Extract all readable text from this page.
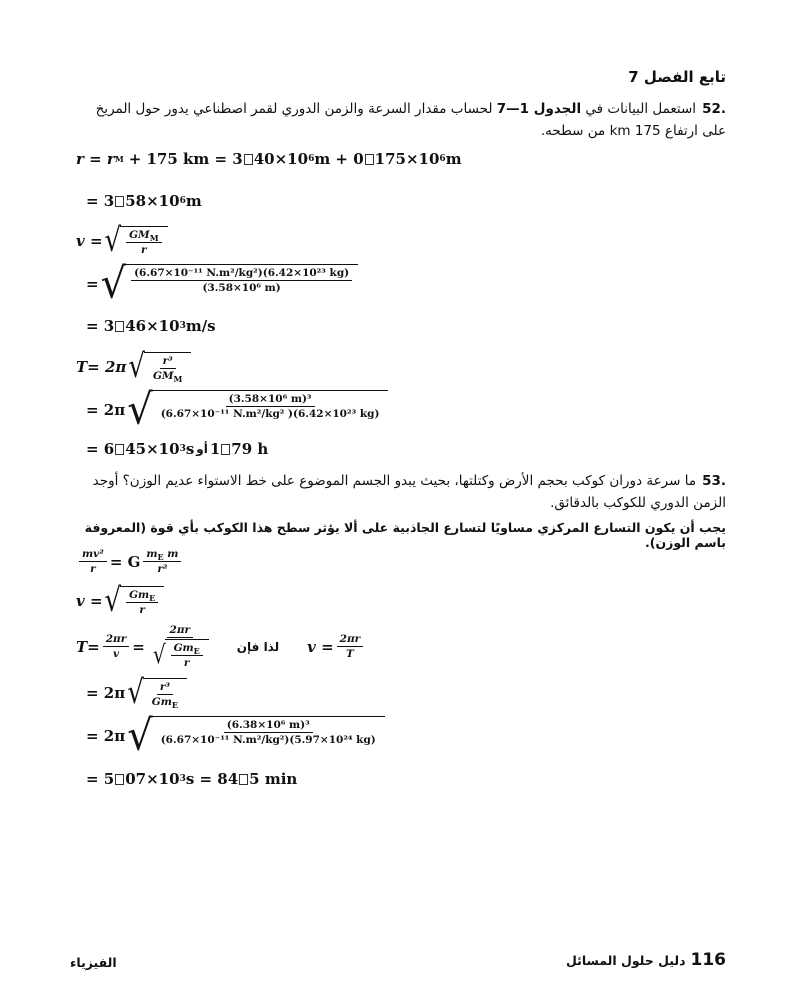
تابع الفصل 7
.52استعمل البيانات في الجدول 1—7 لحساب مقدار السرعة والزمن الدوري لقمر اصطناعي يدور حول المريخ على ارتفاع 175 km من سطحه.
r = r M + 175 km = 3 40×10 6 m + 0 175×10 6 m
= 3 58×10 6 m
v = √ $\frac{GM_M}{r}$
= √ $\frac{\text{(6.67×10⁻¹¹ N.m²/kg²)(6.42×10²³ kg)}}{\text{(3.58×10⁶ m)}}$
= 3 46×10 3 m/s
T= 2π √ $\frac{\text{r³}}{GM_M}$
= 2π √ $\frac{\text{(3.58×10⁶ m)³}}{\text{(6.67×10⁻¹¹ N.m²/kg² )(6.42×10²³ kg)}}$
= 6 45×10 3 s أو 1 79 h
.53ما سرعة دوران كوكب بحجم الأرض وكتلتها، بحيث يبدو الجسم الموضوع على خط الاستواء عديم الوزن؟ أوجد الزمن الدوري للكوكب بالدقائق.
يجب أن يكون التسارع المركزي مساويًا لتسارع الجاذبية على ألا يؤثر سطح هذا الكوكب بأي قوة (المعروفة باسم الوزن).
$\frac{\text{mv²}}{r} = G \frac{m_E m}{\text{r²}}$
v = √ $\frac{Gm_E}{r}$
$T= \frac{2\pi r}{v} = \frac{2\pi r}{√ \frac{Gm_E}{r}}$ لذا فإن $v = \frac{2\pi r}{T}$
= 2π √ $\frac{\text{r³}}{Gm_E}$
= 2π √ $\frac{\text{(6.38×10⁶ m)³}}{\text{(6.67×10⁻¹¹ N.m²/kg²)(5.97×10²⁴ kg)}}$
= 5 07×10 3 s = 84 5 min
الفيزياء	116
دليل حلول المسائل
